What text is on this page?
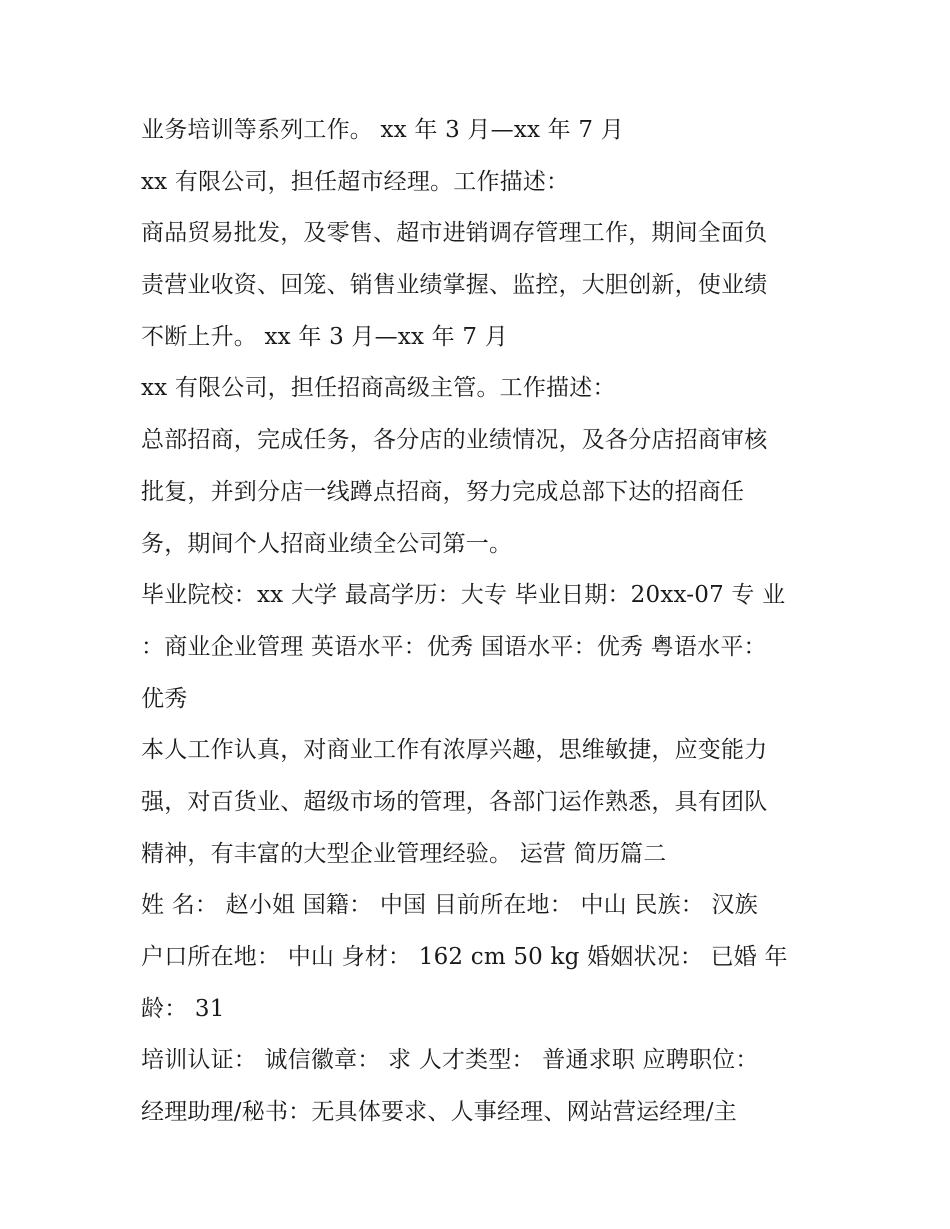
业务培训等系列工作。 xx 年 3 月—xx 年 7 月
xx 有限公司，担任超市经理。工作描述：
商品贸易批发，及零售、超市进销调存管理工作，期间全面负
责营业收资、回笼、销售业绩掌握、监控，大胆创新，使业绩
不断上升。 xx 年 3 月—xx 年 7 月
xx 有限公司，担任招商高级主管。工作描述：
总部招商，完成任务，各分店的业绩情况，及各分店招商审核
批复，并到分店一线蹲点招商，努力完成总部下达的招商任
务，期间个人招商业绩全公司第一。
毕业院校：xx 大学 最高学历：大专 毕业日期：20xx-07 专 业
：商业企业管理 英语水平：优秀 国语水平：优秀 粤语水平：
优秀
本人工作认真，对商业工作有浓厚兴趣，思维敏捷，应变能力
强，对百货业、超级市场的管理，各部门运作熟悉，具有团队
精神，有丰富的大型企业管理经验。 运营 简历篇二
姓 名： 赵小姐 国籍： 中国 目前所在地： 中山 民族： 汉族
户口所在地： 中山 身材： 162 cm 50 kg 婚姻状况： 已婚 年
龄： 31
培训认证： 诚信徽章： 求 人才类型： 普通求职 应聘职位：
经理助理/秘书：无具体要求、人事经理、网站营运经理/主
